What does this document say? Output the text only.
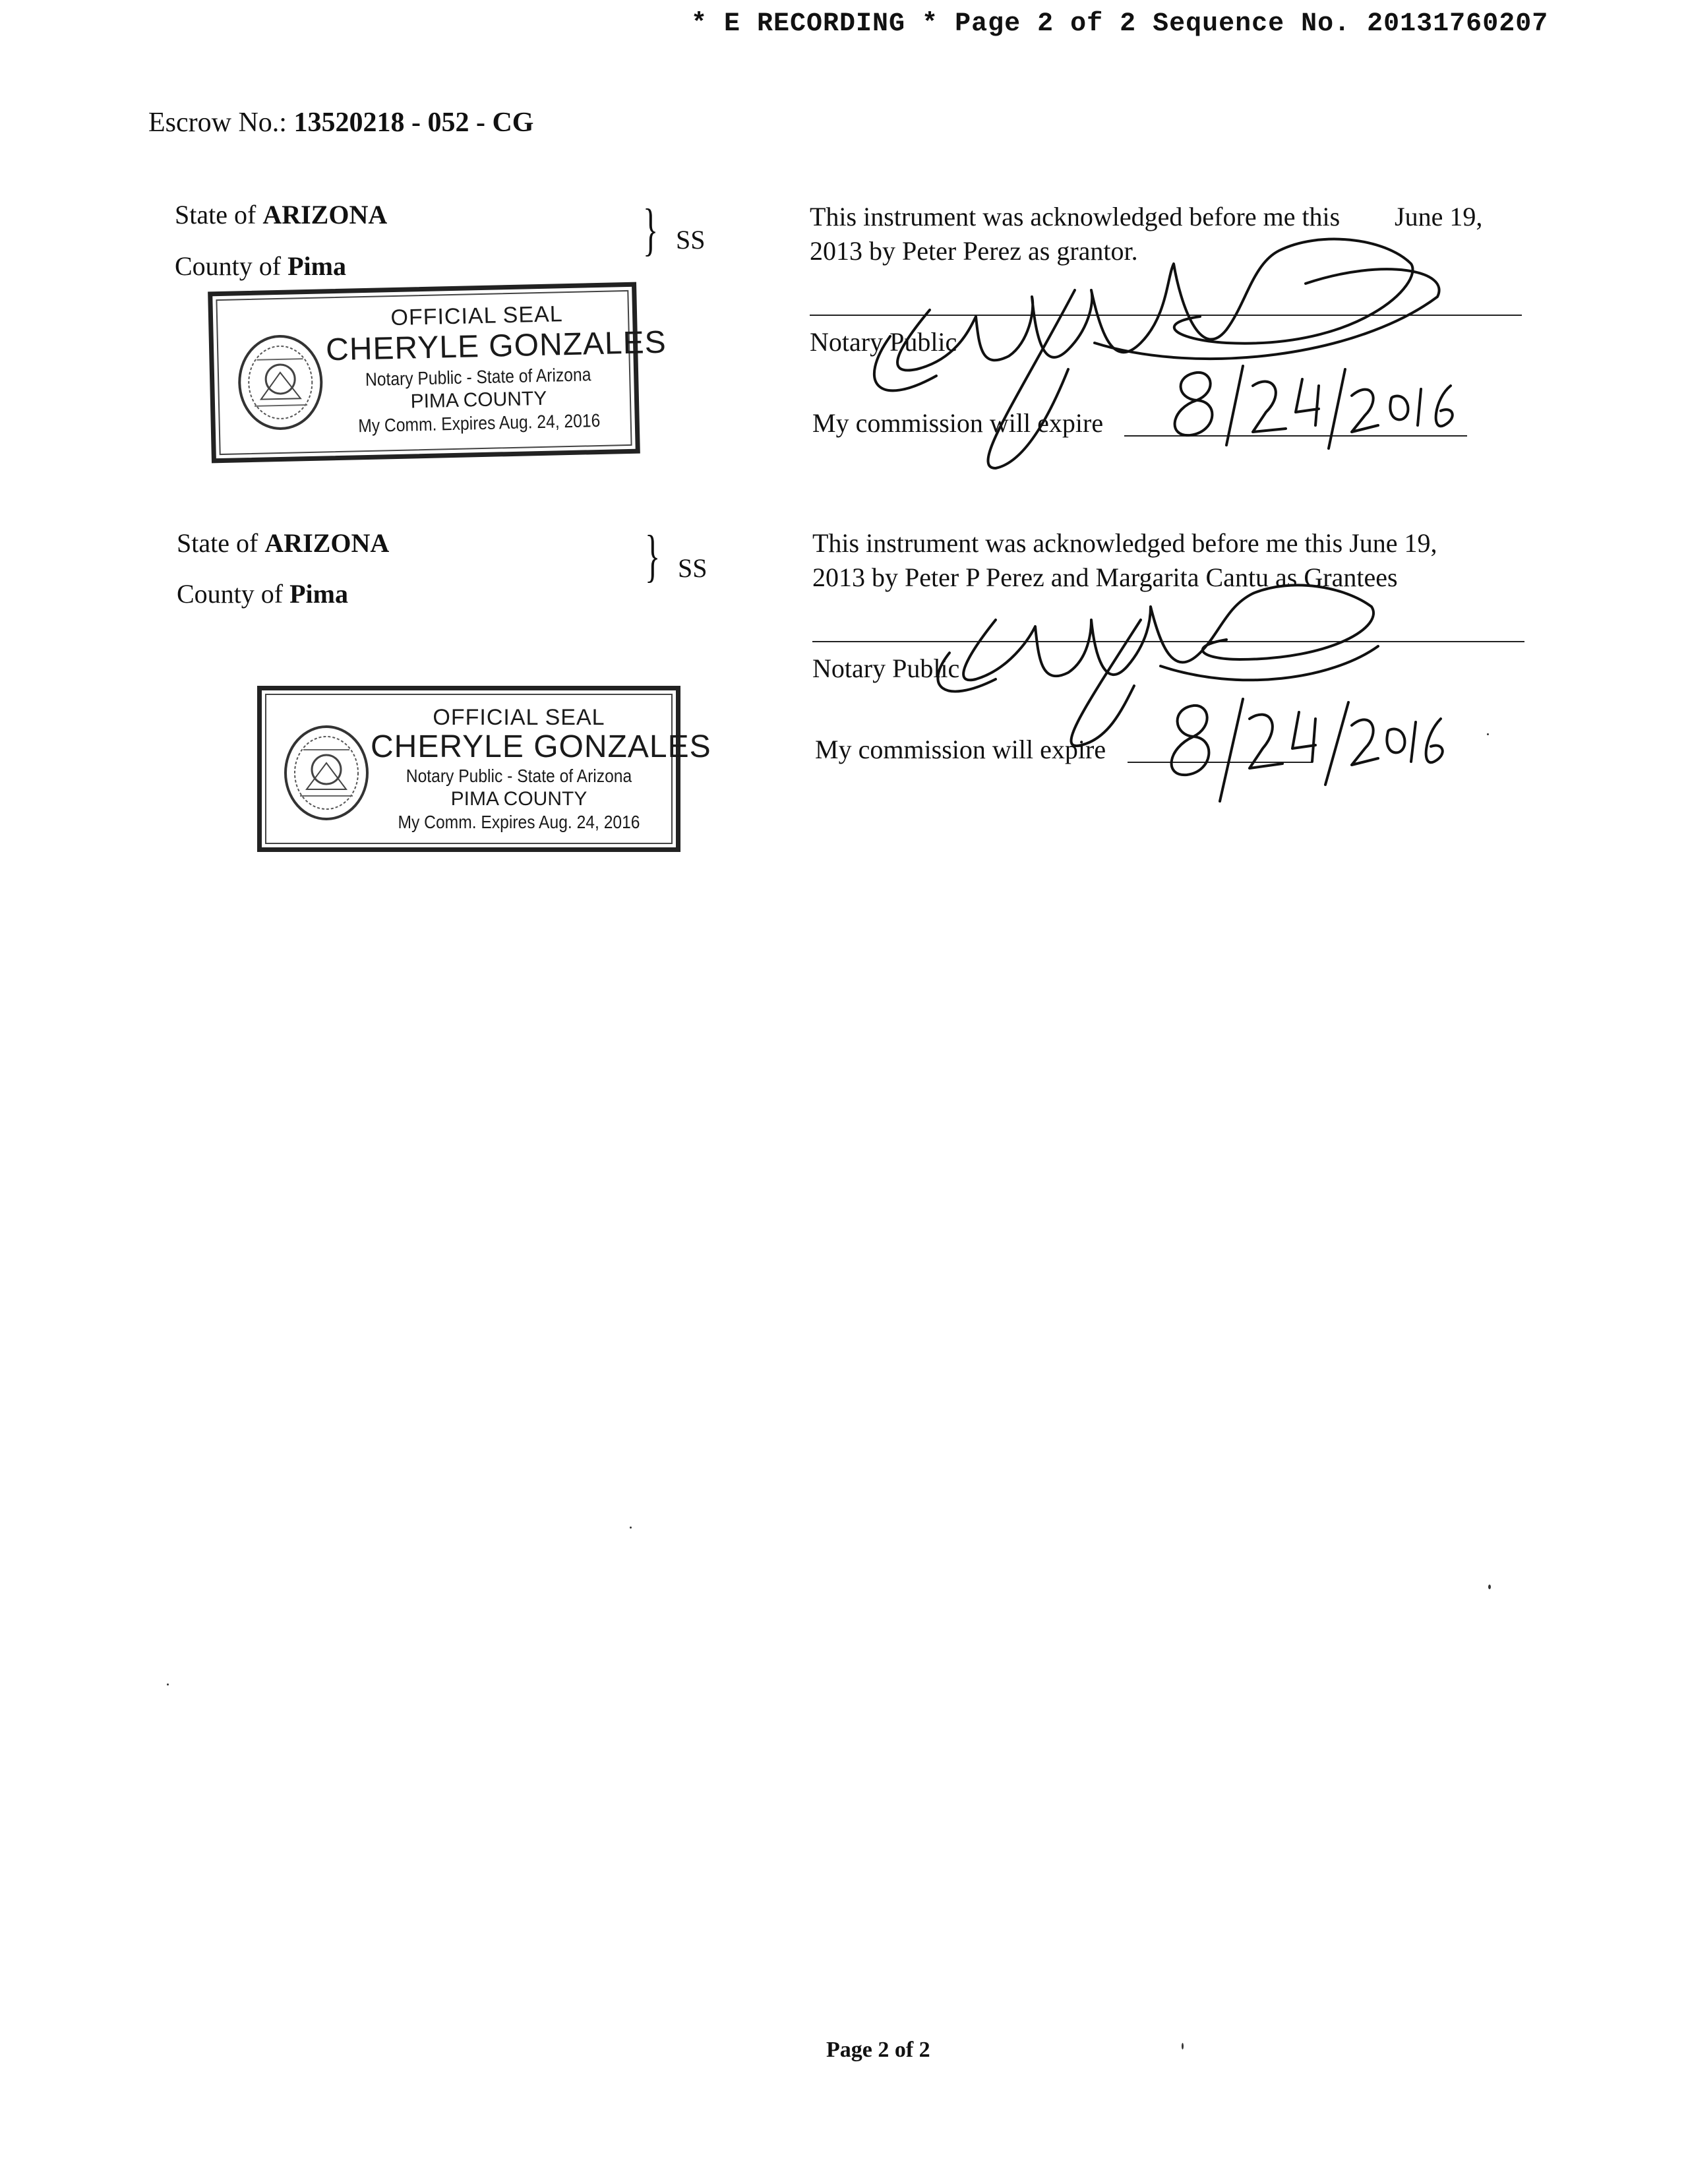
* E RECORDING * Page 2 of 2 Sequence No. 20131760207
Escrow No.: 13520218 - 052 - CG
State of ARIZONA
County of Pima
} SS
OFFICIAL SEAL
CHERYLE GONZALES
Notary Public - State of Arizona
PIMA COUNTY
My Comm. Expires Aug. 24, 2016
This instrument was acknowledged before me this June 19,
2013 by Peter Perez as grantor.
Notary Public
My commission will expire
State of ARIZONA
County of Pima
} SS
OFFICIAL SEAL
CHERYLE GONZALES
Notary Public - State of Arizona
PIMA COUNTY
My Comm. Expires Aug. 24, 2016
This instrument was acknowledged before me this June 19,
2013 by Peter P Perez and Margarita Cantu as Grantees
Notary Public
My commission will expire
Page 2 of 2
